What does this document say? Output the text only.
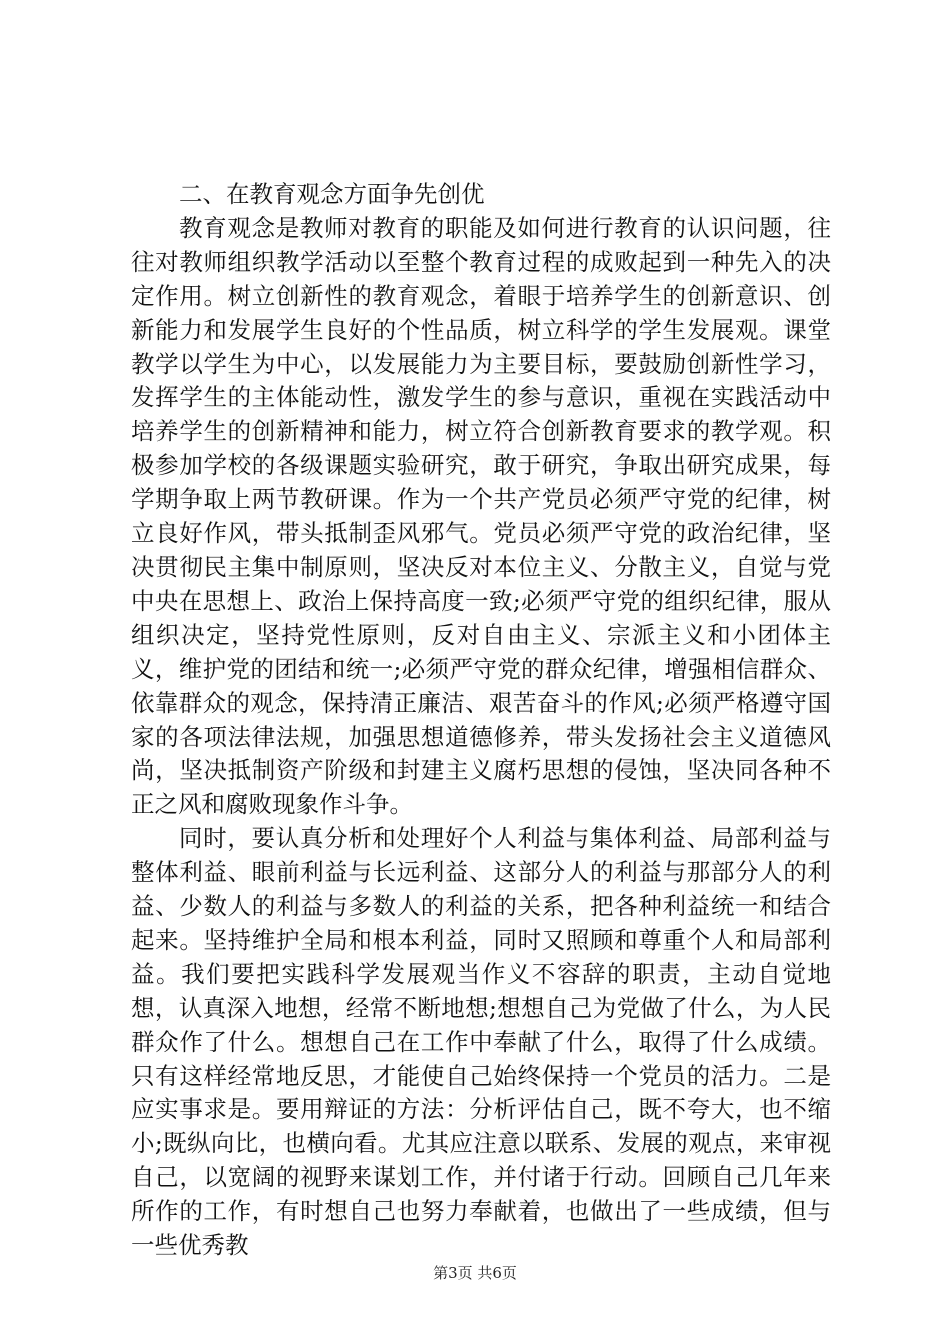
二、在教育观念方面争先创优

教育观念是教师对教育的职能及如何进行教育的认识问题，往往对教师组织教学活动以至整个教育过程的成败起到一种先入的决定作用。树立创新性的教育观念，着眼于培养学生的创新意识、创新能力和发展学生良好的个性品质，树立科学的学生发展观。课堂教学以学生为中心，以发展能力为主要目标，要鼓励创新性学习，发挥学生的主体能动性，激发学生的参与意识，重视在实践活动中培养学生的创新精神和能力，树立符合创新教育要求的教学观。积极参加学校的各级课题实验研究，敢于研究，争取出研究成果，每学期争取上两节教研课。作为一个共产党员必须严守党的纪律，树立良好作风，带头抵制歪风邪气。党员必须严守党的政治纪律，坚决贯彻民主集中制原则，坚决反对本位主义、分散主义，自觉与党中央在思想上、政治上保持高度一致;必须严守党的组织纪律，服从组织决定，坚持党性原则，反对自由主义、宗派主义和小团体主义，维护党的团结和统一;必须严守党的群众纪律，增强相信群众、依靠群众的观念，保持清正廉洁、艰苦奋斗的作风;必须严格遵守国家的各项法律法规，加强思想道德修养，带头发扬社会主义道德风尚，坚决抵制资产阶级和封建主义腐朽思想的侵蚀，坚决同各种不正之风和腐败现象作斗争。

同时，要认真分析和处理好个人利益与集体利益、局部利益与整体利益、眼前利益与长远利益、这部分人的利益与那部分人的利益、少数人的利益与多数人的利益的关系，把各种利益统一和结合起来。坚持维护全局和根本利益，同时又照顾和尊重个人和局部利益。我们要把实践科学发展观当作义不容辞的职责，主动自觉地想，认真深入地想，经常不断地想;想想自己为党做了什么，为人民群众作了什么。想想自己在工作中奉献了什么，取得了什么成绩。只有这样经常地反思，才能使自己始终保持一个党员的活力。二是应实事求是。要用辩证的方法：分析评估自己，既不夸大，也不缩小;既纵向比，也横向看。尤其应注意以联系、发展的观点，来审视自己，以宽阔的视野来谋划工作，并付诸于行动。回顾自己几年来所作的工作，有时想自己也努力奉献着，也做出了一些成绩，但与一些优秀教

第3页 共6页
